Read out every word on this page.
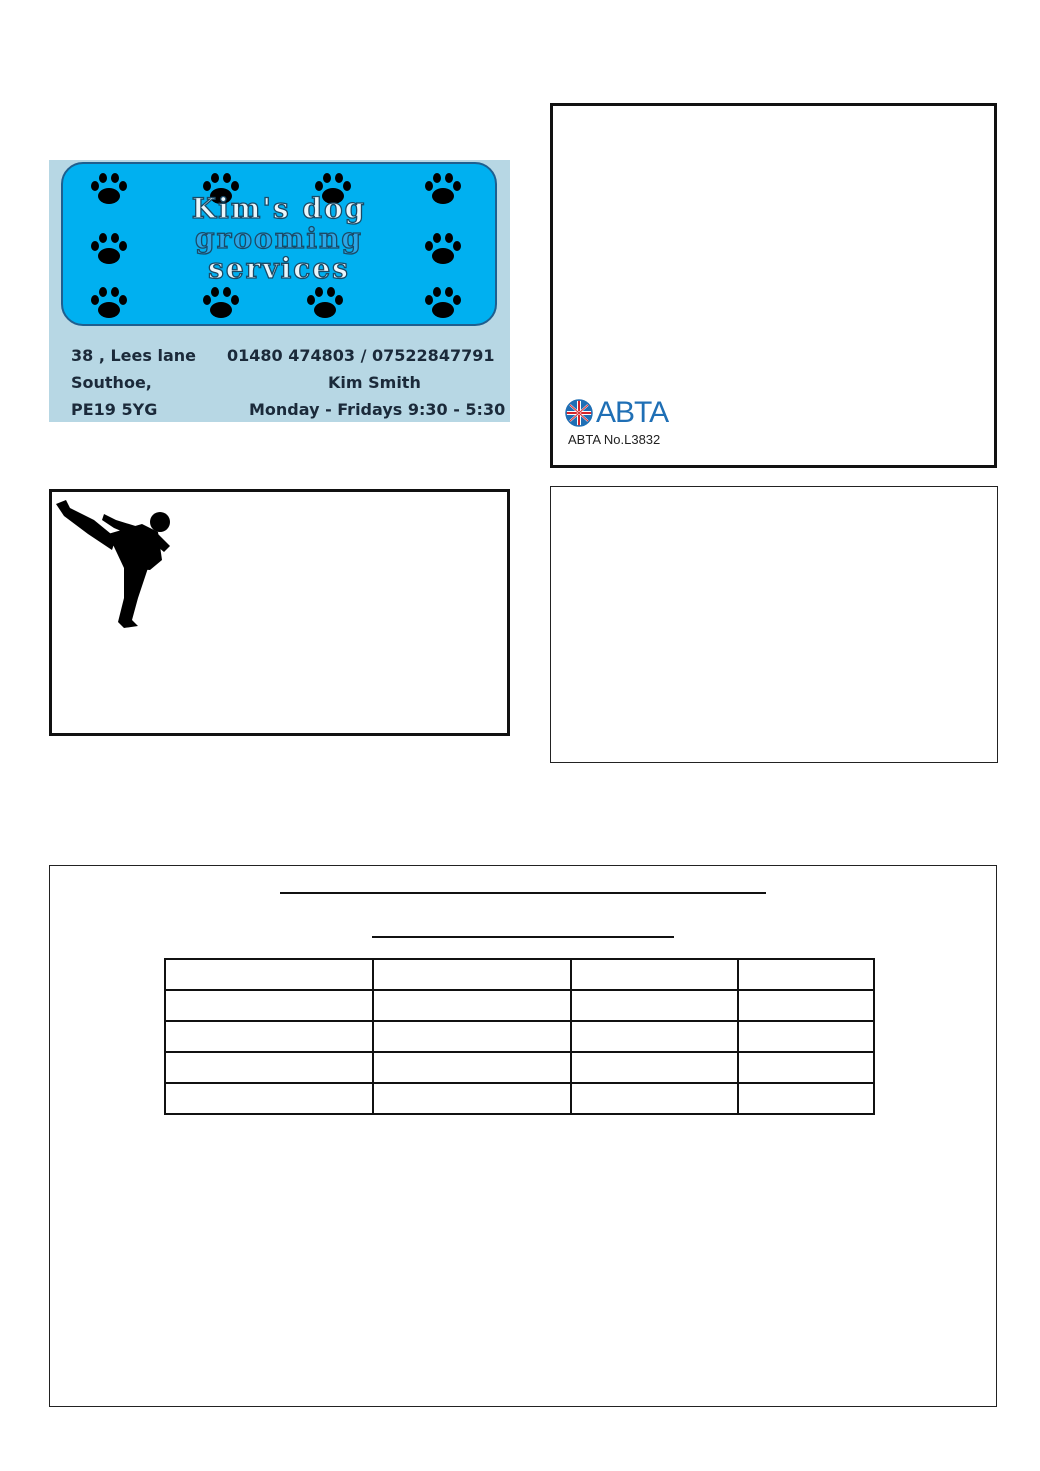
Kim's dog
grooming
services
38 , Lees lane
Southoe,
PE19 5YG
01480 474803 / 07522847791
Kim Smith
Monday - Fridays 9:30 - 5:30	ABTA
ABTA No.L3832
